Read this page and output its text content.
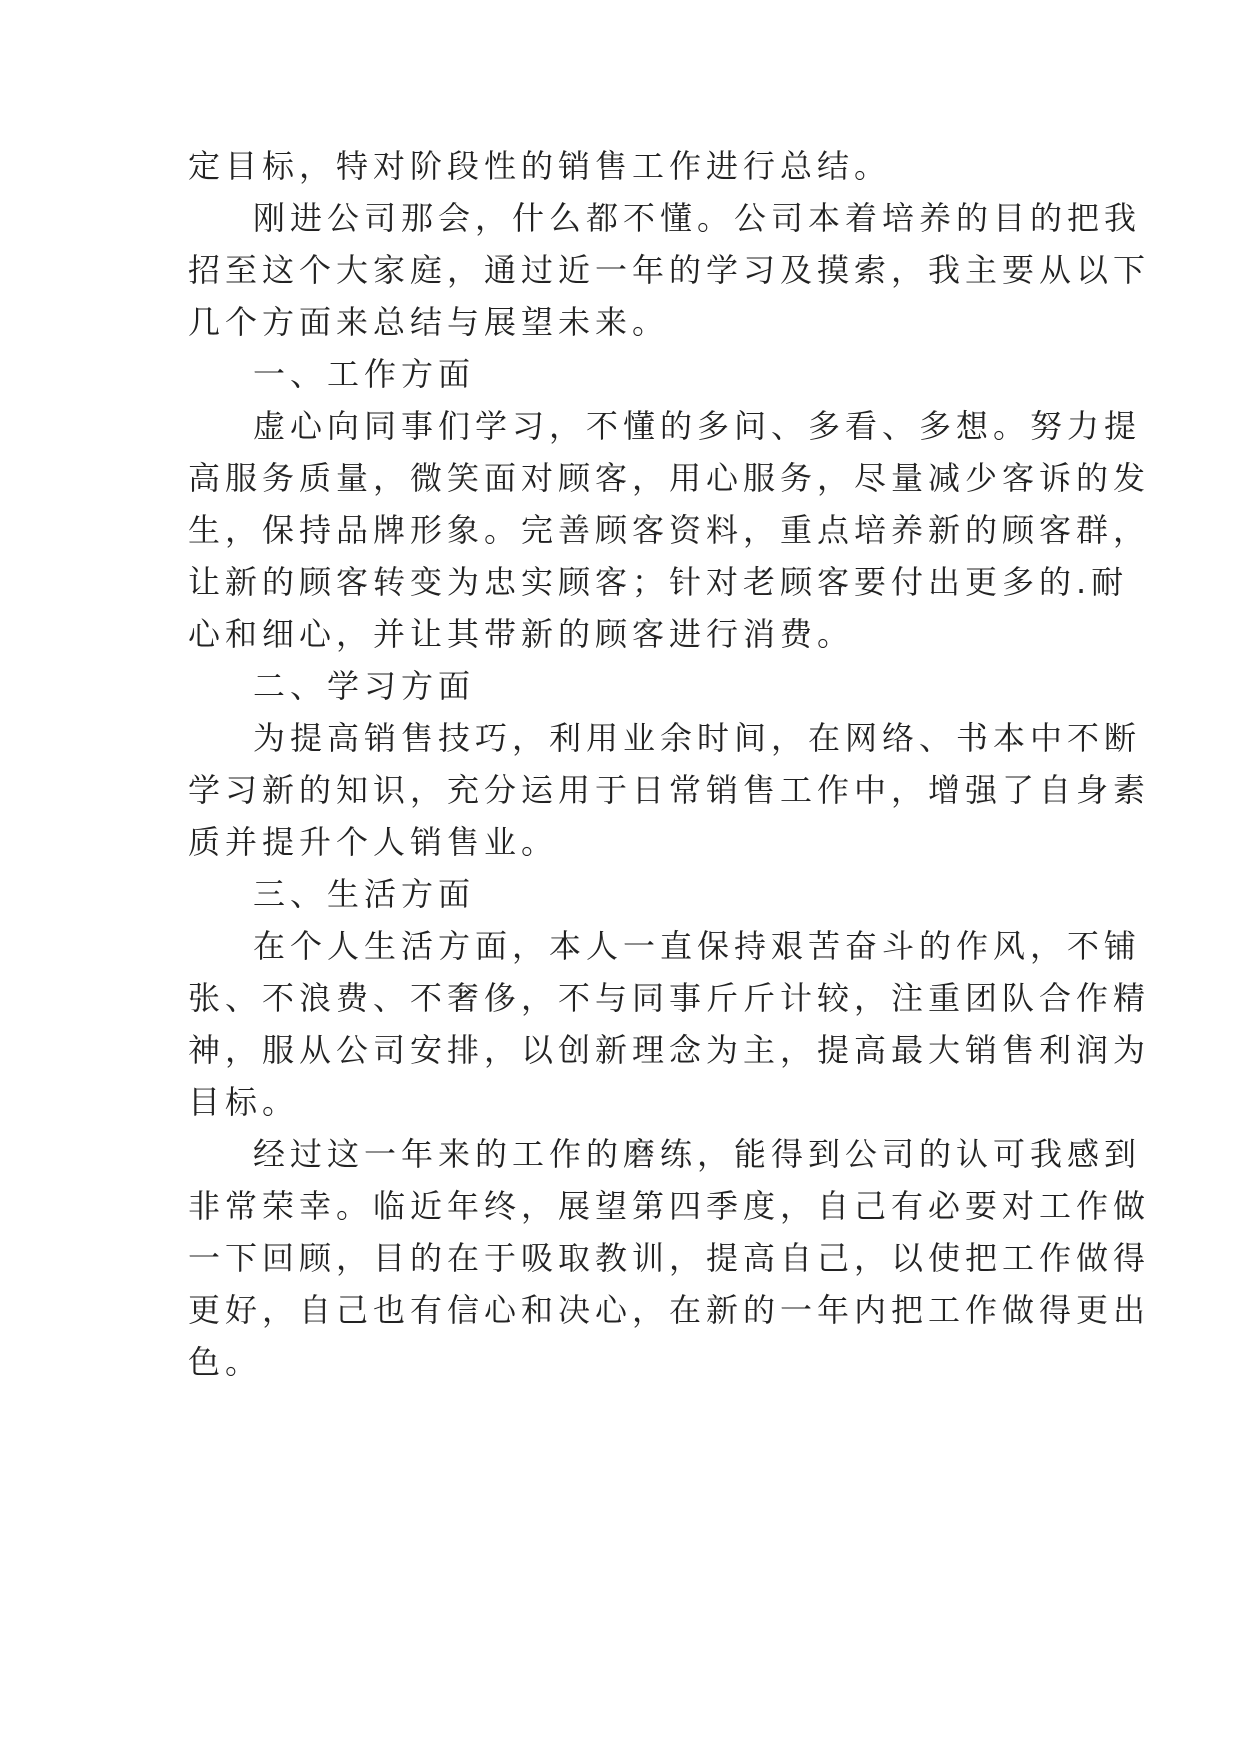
定目标，特对阶段性的销售工作进行总结。
刚进公司那会，什么都不懂。公司本着培养的目的把我
招至这个大家庭，通过近一年的学习及摸索，我主要从以下
几个方面来总结与展望未来。
一、工作方面
虚心向同事们学习，不懂的多问、多看、多想。努力提
高服务质量，微笑面对顾客，用心服务，尽量减少客诉的发
生，保持品牌形象。完善顾客资料，重点培养新的顾客群，
让新的顾客转变为忠实顾客；针对老顾客要付出更多的.耐
心和细心，并让其带新的顾客进行消费。
二、学习方面
为提高销售技巧，利用业余时间，在网络、书本中不断
学习新的知识，充分运用于日常销售工作中，增强了自身素
质并提升个人销售业。
三、生活方面
在个人生活方面，本人一直保持艰苦奋斗的作风，不铺
张、不浪费、不奢侈，不与同事斤斤计较，注重团队合作精
神，服从公司安排，以创新理念为主，提高最大销售利润为
目标。
经过这一年来的工作的磨练，能得到公司的认可我感到
非常荣幸。临近年终，展望第四季度，自己有必要对工作做
一下回顾，目的在于吸取教训，提高自己，以使把工作做得
更好，自己也有信心和决心，在新的一年内把工作做得更出
色。
